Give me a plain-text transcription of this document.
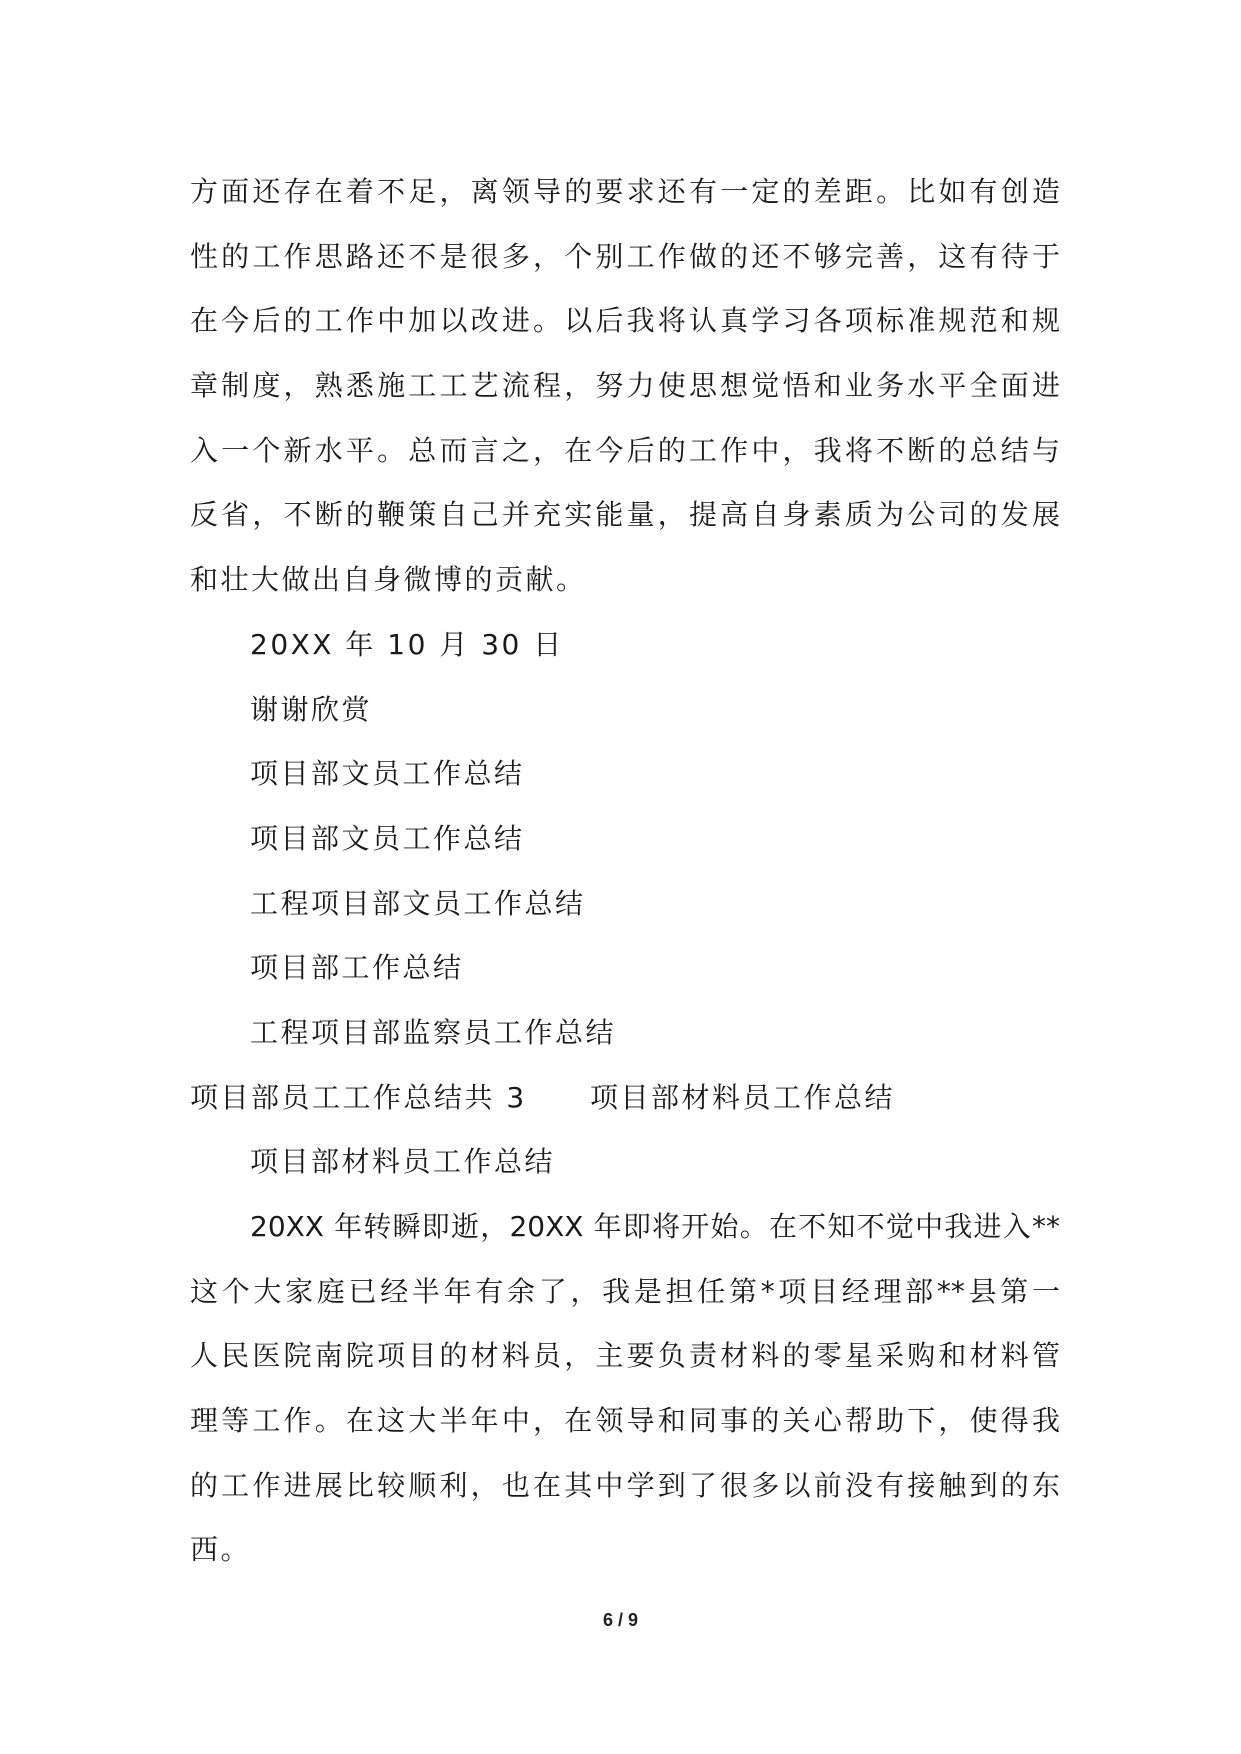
方面还存在着不足，离领导的要求还有一定的差距。比如有创造
性的工作思路还不是很多，个别工作做的还不够完善，这有待于
在今后的工作中加以改进。以后我将认真学习各项标准规范和规
章制度，熟悉施工工艺流程，努力使思想觉悟和业务水平全面进
入一个新水平。总而言之，在今后的工作中，我将不断的总结与
反省，不断的鞭策自己并充实能量，提高自身素质为公司的发展
和壮大做出自身微博的贡献。
20XX 年 10 月 30 日
谢谢欣赏
项目部文员工作总结
项目部文员工作总结
工程项目部文员工作总结
项目部工作总结
工程项目部监察员工作总结
项目部员工工作总结共 3	项目部材料员工作总结
项目部材料员工作总结
20XX 年转瞬即逝，20XX 年即将开始。在不知不觉中我进入**
这个大家庭已经半年有余了，我是担任第*项目经理部**县第一
人民医院南院项目的材料员，主要负责材料的零星采购和材料管
理等工作。在这大半年中，在领导和同事的关心帮助下，使得我
的工作进展比较顺利，也在其中学到了很多以前没有接触到的东
西。
6 / 9
